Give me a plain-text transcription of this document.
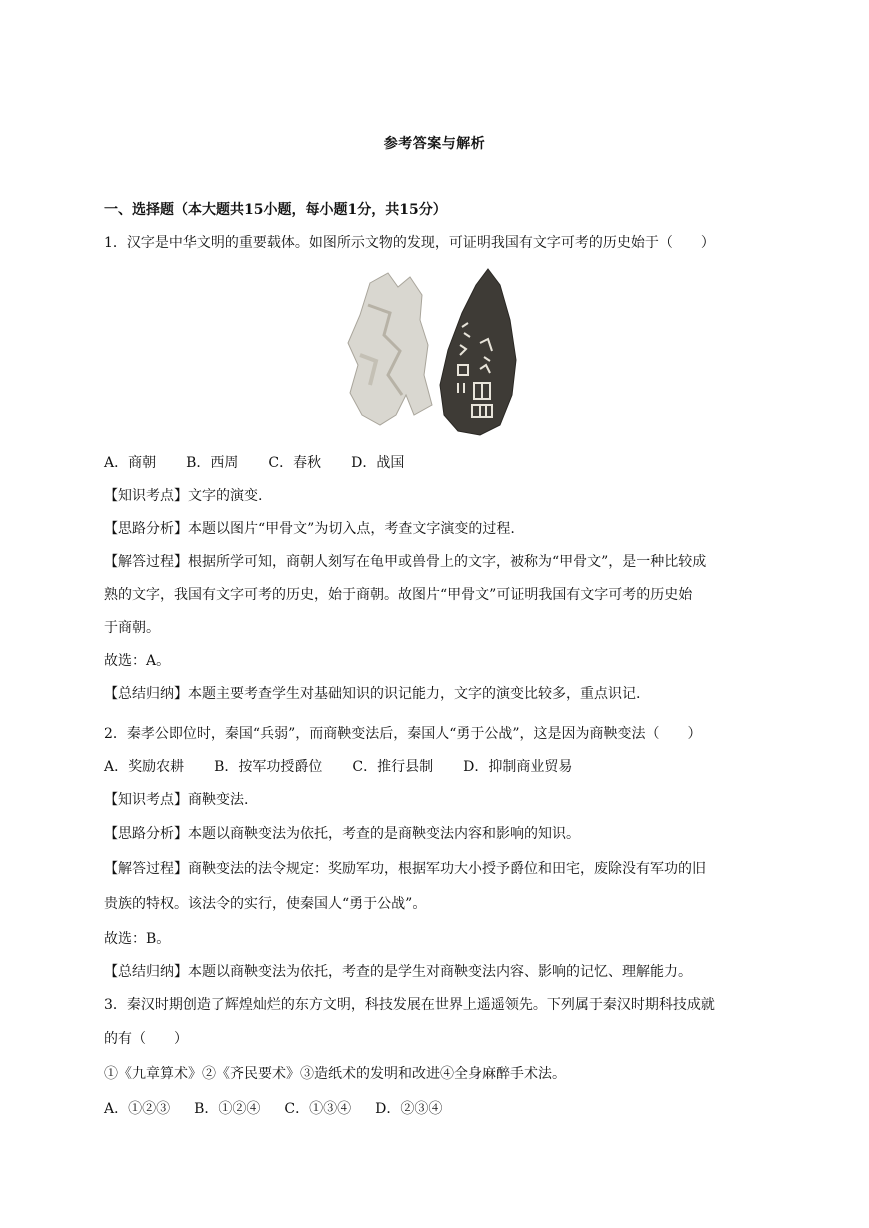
参考答案与解析
一、选择题（本大题共15小题，每小题1分，共15分）
1．汉字是中华文明的重要载体。如图所示文物的发现，可证明我国有文字可考的历史始于（　　）
A．商朝 B．西周 C．春秋 D．战国
【知识考点】文字的演变.
【思路分析】本题以图片“甲骨文”为切入点，考查文字演变的过程.
【解答过程】根据所学可知，商朝人刻写在龟甲或兽骨上的文字，被称为“甲骨文”，是一种比较成
熟的文字，我国有文字可考的历史，始于商朝。故图片“甲骨文”可证明我国有文字可考的历史始
于商朝。
故选：A。
【总结归纳】本题主要考查学生对基础知识的识记能力，文字的演变比较多，重点识记.
2．秦孝公即位时，秦国“兵弱”，而商鞅变法后，秦国人“勇于公战”，这是因为商鞅变法（　　）
A．奖励农耕 B．按军功授爵位 C．推行县制 D．抑制商业贸易
【知识考点】商鞅变法.
【思路分析】本题以商鞅变法为依托，考查的是商鞅变法内容和影响的知识。
【解答过程】商鞅变法的法令规定：奖励军功，根据军功大小授予爵位和田宅，废除没有军功的旧
贵族的特权。该法令的实行，使秦国人“勇于公战”。
故选：B。
【总结归纳】本题以商鞅变法为依托，考查的是学生对商鞅变法内容、影响的记忆、理解能力。
3．秦汉时期创造了辉煌灿烂的东方文明，科技发展在世界上遥遥领先。下列属于秦汉时期科技成就
的有（　　）
①《九章算术》②《齐民要术》③造纸术的发明和改进④全身麻醉手术法。
A．①②③ B．①②④ C．①③④ D．②③④
